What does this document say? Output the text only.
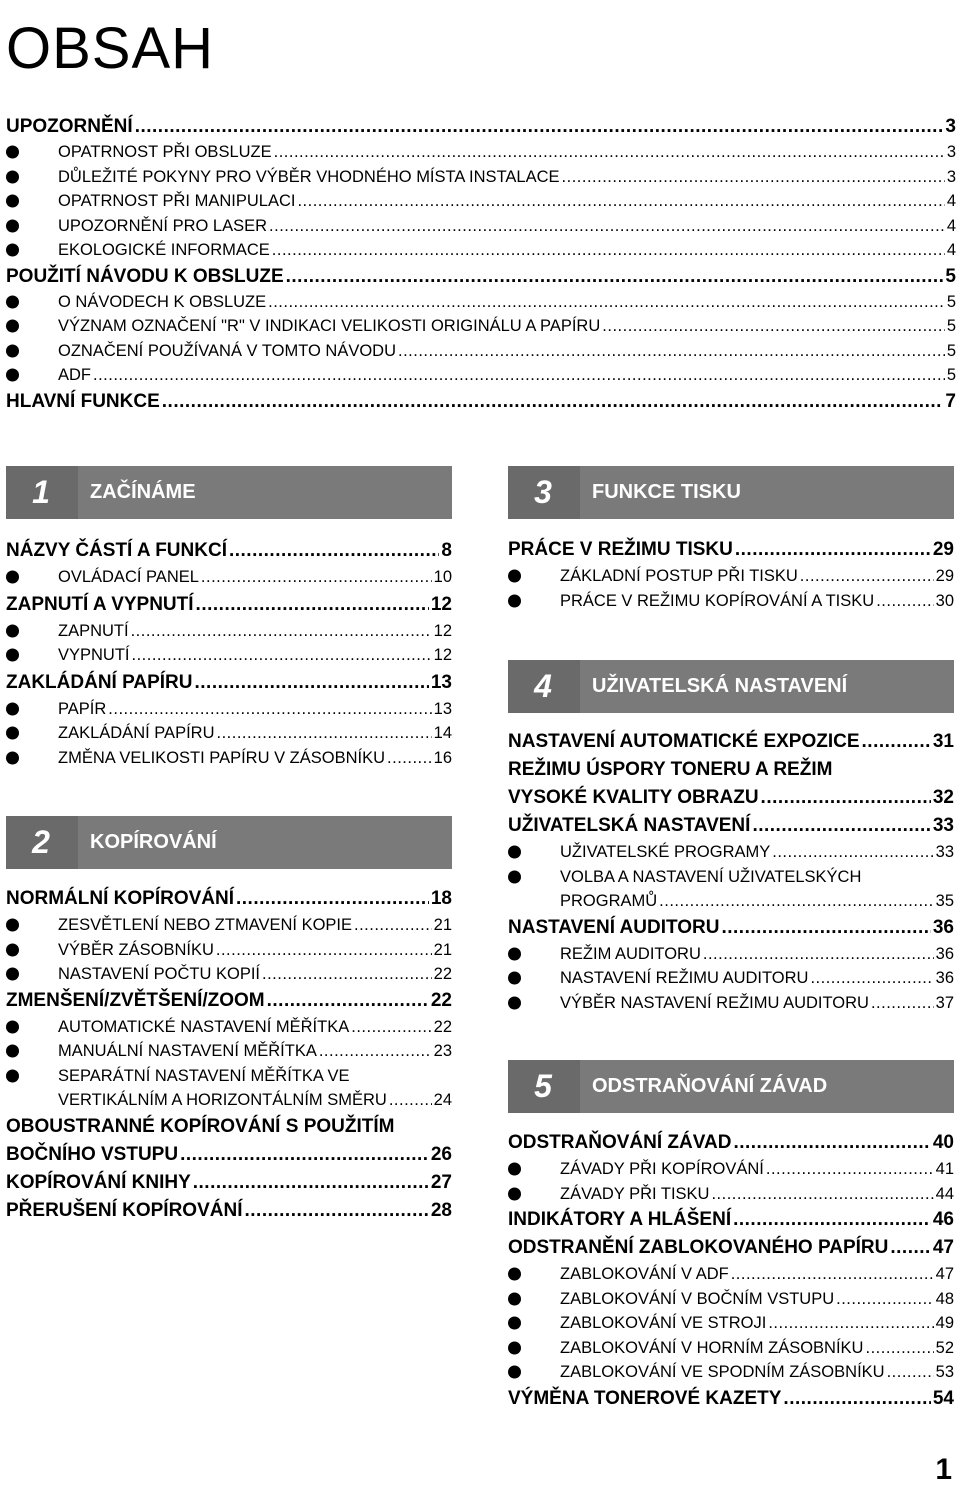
OBSAH
UPOZORNĚNÍ .....	3
OPATRNOST PŘI OBSLUZE .....	3
DŮLEŽITÉ POKYNY PRO VÝBĚR VHODNÉHO MÍSTA INSTALACE .....	3
OPATRNOST PŘI MANIPULACI .....	4
UPOZORNĚNÍ PRO LASER .....	4
EKOLOGICKÉ INFORMACE .....	4
POUŽITÍ NÁVODU K OBSLUZE .....	5
O NÁVODECH K OBSLUZE .....	5
VÝZNAM OZNAČENÍ "R" V INDIKACI VELIKOSTI ORIGINÁLU A PAPÍRU .....	5
OZNAČENÍ POUŽÍVANÁ V TOMTO NÁVODU .....	5
ADF .....	5
HLAVNÍ FUNKCE .....	7
1	ZAČÍNÁME
NÁZVY ČÁSTÍ A FUNKCÍ .....	8
OVLÁDACÍ PANEL .....	10
ZAPNUTÍ A VYPNUTÍ .....	12
ZAPNUTÍ .....	12
VYPNUTÍ .....	12
ZAKLÁDÁNÍ PAPÍRU .....	13
PAPÍR .....	13
ZAKLÁDÁNÍ PAPÍRU .....	14
ZMĚNA VELIKOSTI PAPÍRU V ZÁSOBNÍKU .....	16
2	KOPÍROVÁNÍ
NORMÁLNÍ KOPÍROVÁNÍ .....	18
ZESVĚTLENÍ NEBO ZTMAVENÍ KOPIE .....	21
VÝBĚR ZÁSOBNÍKU .....	21
NASTAVENÍ POČTU KOPIÍ .....	22
ZMENŠENÍ/ZVĚTŠENÍ/ZOOM .....	22
AUTOMATICKÉ NASTAVENÍ MĚŘÍTKA .....	22
MANUÁLNÍ NASTAVENÍ MĚŘÍTKA .....	23
SEPARÁTNÍ NASTAVENÍ MĚŘÍTKA VE
VERTIKÁLNÍM A HORIZONTÁLNÍM SMĚRU .....	24
OBOUSTRANNÉ KOPÍROVÁNÍ S POUŽITÍM
BOČNÍHO VSTUPU .....	26
KOPÍROVÁNÍ KNIHY .....	27
PŘERUŠENÍ KOPÍROVÁNÍ .....	28
3	FUNKCE TISKU
PRÁCE V REŽIMU TISKU .....	29
ZÁKLADNÍ POSTUP PŘI TISKU .....	29
PRÁCE V REŽIMU KOPÍROVÁNÍ A TISKU .....	30
4	UŽIVATELSKÁ NASTAVENÍ
NASTAVENÍ AUTOMATICKÉ EXPOZICE .....	31
REŽIMU ÚSPORY TONERU A REŽIM
VYSOKÉ KVALITY OBRAZU .....	32
UŽIVATELSKÁ NASTAVENÍ .....	33
UŽIVATELSKÉ PROGRAMY .....	33
VOLBA A NASTAVENÍ UŽIVATELSKÝCH
PROGRAMŮ .....	35
NASTAVENÍ AUDITORU .....	36
REŽIM AUDITORU .....	36
NASTAVENÍ REŽIMU AUDITORU .....	36
VÝBĚR NASTAVENÍ REŽIMU AUDITORU .....	37
5	ODSTRAŇOVÁNÍ ZÁVAD
ODSTRAŇOVÁNÍ ZÁVAD .....	40
ZÁVADY PŘI KOPÍROVÁNÍ .....	41
ZÁVADY PŘI TISKU .....	44
INDIKÁTORY A HLÁŠENÍ .....	46
ODSTRANĚNÍ ZABLOKOVANÉHO PAPÍRU ..... 47
ZABLOKOVÁNÍ V ADF .....	47
ZABLOKOVÁNÍ V BOČNÍM VSTUPU .....	48
ZABLOKOVÁNÍ VE STROJI .....	49
ZABLOKOVÁNÍ V HORNÍM ZÁSOBNÍKU .....	52
ZABLOKOVÁNÍ VE SPODNÍM ZÁSOBNÍKU .....	53
VÝMĚNA TONEROVÉ KAZETY .....	54
1
